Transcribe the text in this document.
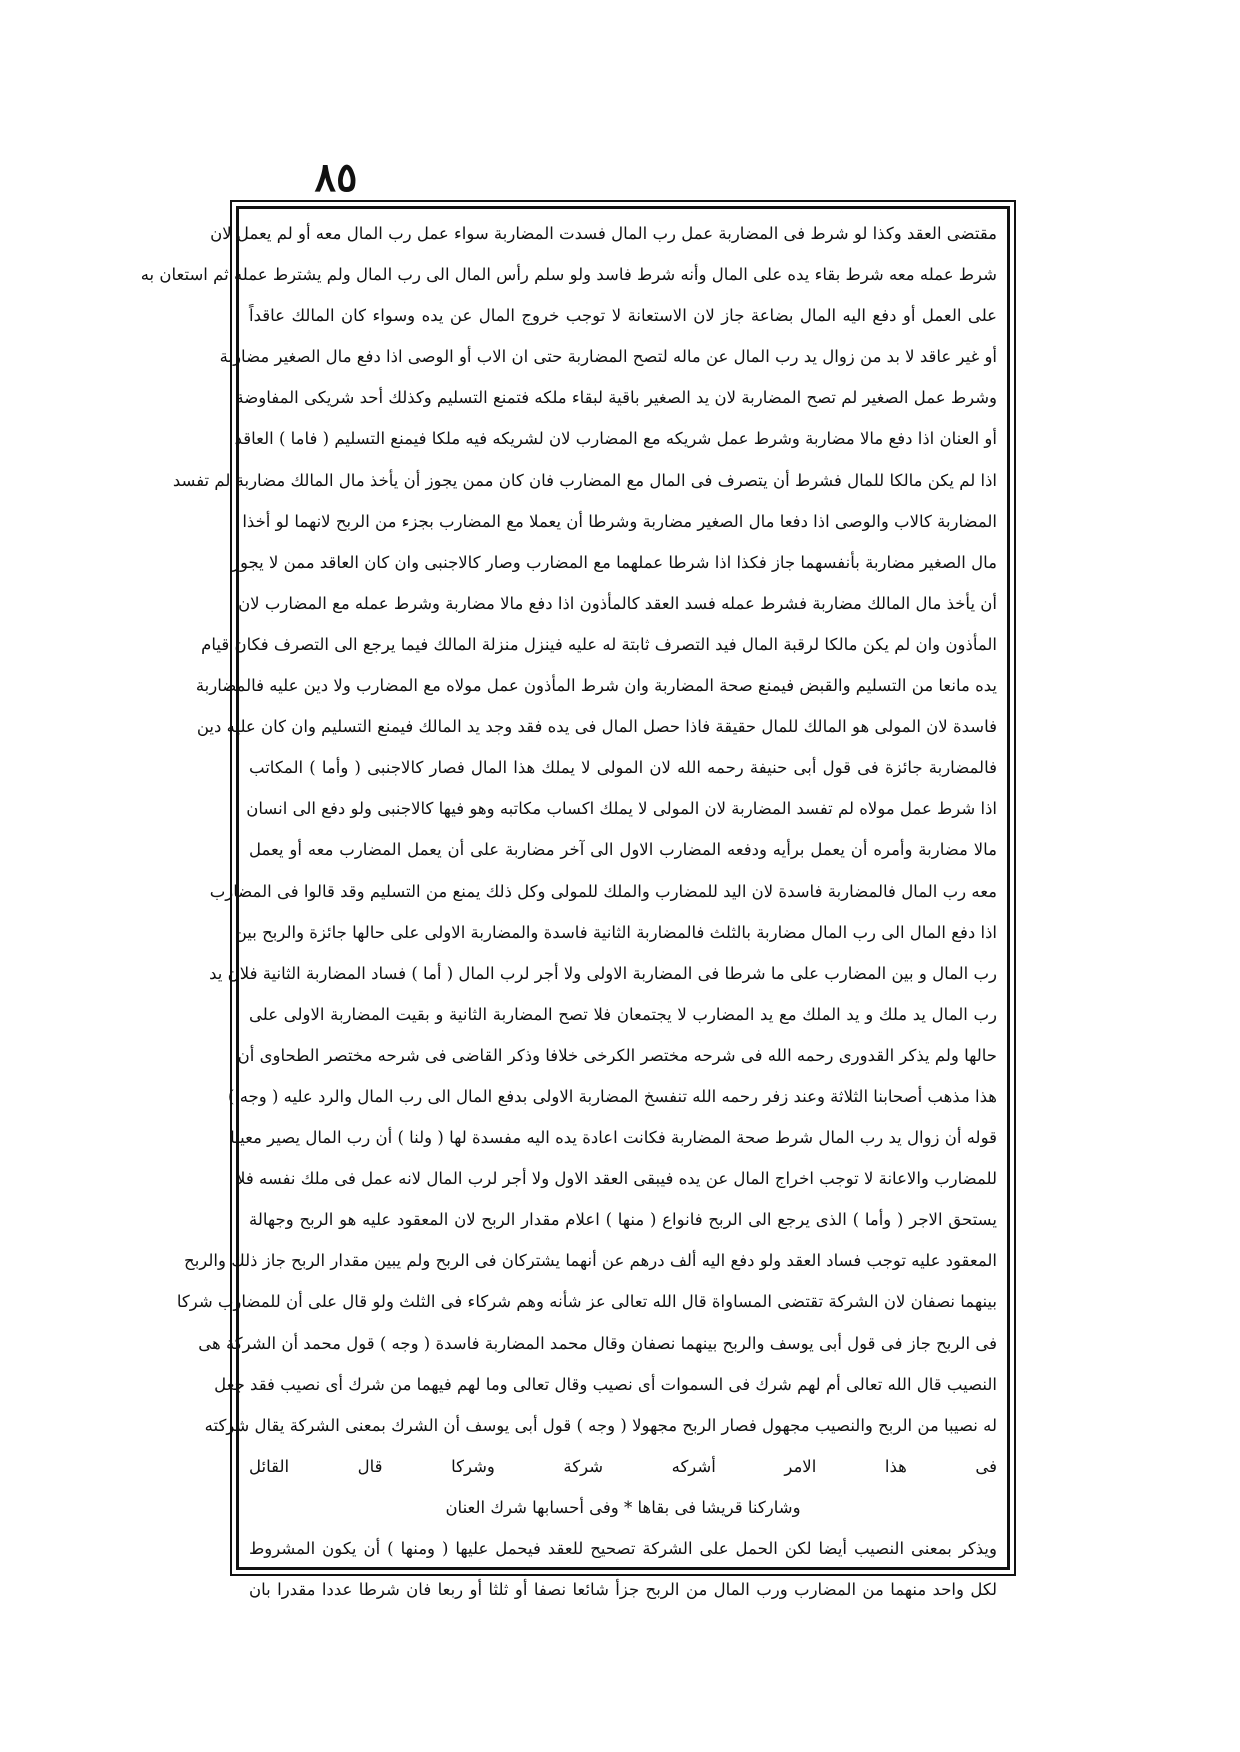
٨٥
مقتضى العقد وكذا لو شرط فى المضاربة عمل رب المال فسدت المضاربة سواء عمل رب المال معه أو لم يعمل لان
شرط عمله معه شرط بقاء يده على المال وأنه شرط فاسد ولو سلم رأس المال الى رب المال ولم يشترط عمله ثم استعان به
على العمل أو دفع اليه المال بضاعة جاز لان الاستعانة لا توجب خروج المال عن يده وسواء كان المالك عاقداً
أو غير عاقد لا بد من زوال يد رب المال عن ماله لتصح المضاربة حتى ان الاب أو الوصى اذا دفع مال الصغير مضاربة
وشرط عمل الصغير لم تصح المضاربة لان يد الصغير باقية لبقاء ملكه فتمنع التسليم وكذلك أحد شريكى المفاوضة
أو العنان اذا دفع مالا مضاربة وشرط عمل شريكه مع المضارب لان لشريكه فيه ملكا فيمنع التسليم ( فاما ) العاقد
اذا لم يكن مالكا للمال فشرط أن يتصرف فى المال مع المضارب فان كان ممن يجوز أن يأخذ مال المالك مضاربة لم تفسد
المضاربة كالاب والوصى اذا دفعا مال الصغير مضاربة وشرطا أن يعملا مع المضارب بجزء من الربح لانهما لو أخذا
مال الصغير مضاربة بأنفسهما جاز فكذا اذا شرطا عملهما مع المضارب وصار كالاجنبى وان كان العاقد ممن لا يجوز
أن يأخذ مال المالك مضاربة فشرط عمله فسد العقد كالمأذون اذا دفع مالا مضاربة وشرط عمله مع المضارب لان
المأذون وان لم يكن مالكا لرقبة المال فيد التصرف ثابتة له عليه فينزل منزلة المالك فيما يرجع الى التصرف فكان قيام
يده مانعا من التسليم والقبض فيمنع صحة المضاربة وان شرط المأذون عمل مولاه مع المضارب ولا دين عليه فالمضاربة
فاسدة لان المولى هو المالك للمال حقيقة فاذا حصل المال فى يده فقد وجد يد المالك فيمنع التسليم وان كان عليه دين
فالمضاربة جائزة فى قول أبى حنيفة رحمه الله لان المولى لا يملك هذا المال فصار كالاجنبى ( وأما ) المكاتب
اذا شرط عمل مولاه لم تفسد المضاربة لان المولى لا يملك اكساب مكاتبه وهو فيها كالاجنبى ولو دفع الى انسان
مالا مضاربة وأمره أن يعمل برأيه ودفعه المضارب الاول الى آخر مضاربة على أن يعمل المضارب معه أو يعمل
معه رب المال فالمضاربة فاسدة لان اليد للمضارب والملك للمولى وكل ذلك يمنع من التسليم وقد قالوا فى المضارب
اذا دفع المال الى رب المال مضاربة بالثلث فالمضاربة الثانية فاسدة والمضاربة الاولى على حالها جائزة والربح بين
رب المال و بين المضارب على ما شرطا فى المضاربة الاولى ولا أجر لرب المال ( أما ) فساد المضاربة الثانية فلان يد
رب المال يد ملك و يد الملك مع يد المضارب لا يجتمعان فلا تصح المضاربة الثانية و بقيت المضاربة الاولى على
حالها ولم يذكر القدورى رحمه الله فى شرحه مختصر الكرخى خلافا وذكر القاضى فى شرحه مختصر الطحاوى أن
هذا مذهب أصحابنا الثلاثة وعند زفر رحمه الله تنفسخ المضاربة الاولى بدفع المال الى رب المال والرد عليه ( وجه )
قوله أن زوال يد رب المال شرط صحة المضاربة فكانت اعادة يده اليه مفسدة لها ( ولنا ) أن رب المال يصير معينا
للمضارب والاعانة لا توجب اخراج المال عن يده فيبقى العقد الاول ولا أجر لرب المال لانه عمل فى ملك نفسه فلا
يستحق الاجر ( وأما ) الذى يرجع الى الربح فانواع ( منها ) اعلام مقدار الربح لان المعقود عليه هو الربح وجهالة
المعقود عليه توجب فساد العقد ولو دفع اليه ألف درهم عن أنهما يشتركان فى الربح ولم يبين مقدار الربح جاز ذلك والربح
بينهما نصفان لان الشركة تقتضى المساواة قال الله تعالى عز شأنه وهم شركاء فى الثلث ولو قال على أن للمضارب شركا
فى الربح جاز فى قول أبى يوسف والربح بينهما نصفان وقال محمد المضاربة فاسدة ( وجه ) قول محمد أن الشركة هى
النصيب قال الله تعالى أم لهم شرك فى السموات أى نصيب وقال تعالى وما لهم فيهما من شرك أى نصيب فقد جعل
له نصيبا من الربح والنصيب مجهول فصار الربح مجهولا ( وجه ) قول أبى يوسف أن الشرك بمعنى الشركة يقال شركته
فى هذا الامر أشركه شركة وشركا قال القائل
وشاركنا قريشا فى بقاها * وفى أحسابها شرك العنان
ويذكر بمعنى النصيب أيضا لكن الحمل على الشركة تصحيح للعقد فيحمل عليها ( ومنها ) أن يكون المشروط
لكل واحد منهما من المضارب ورب المال من الربح جزأ شائعا نصفا أو ثلثا أو ربعا فان شرطا عددا مقدرا بان
